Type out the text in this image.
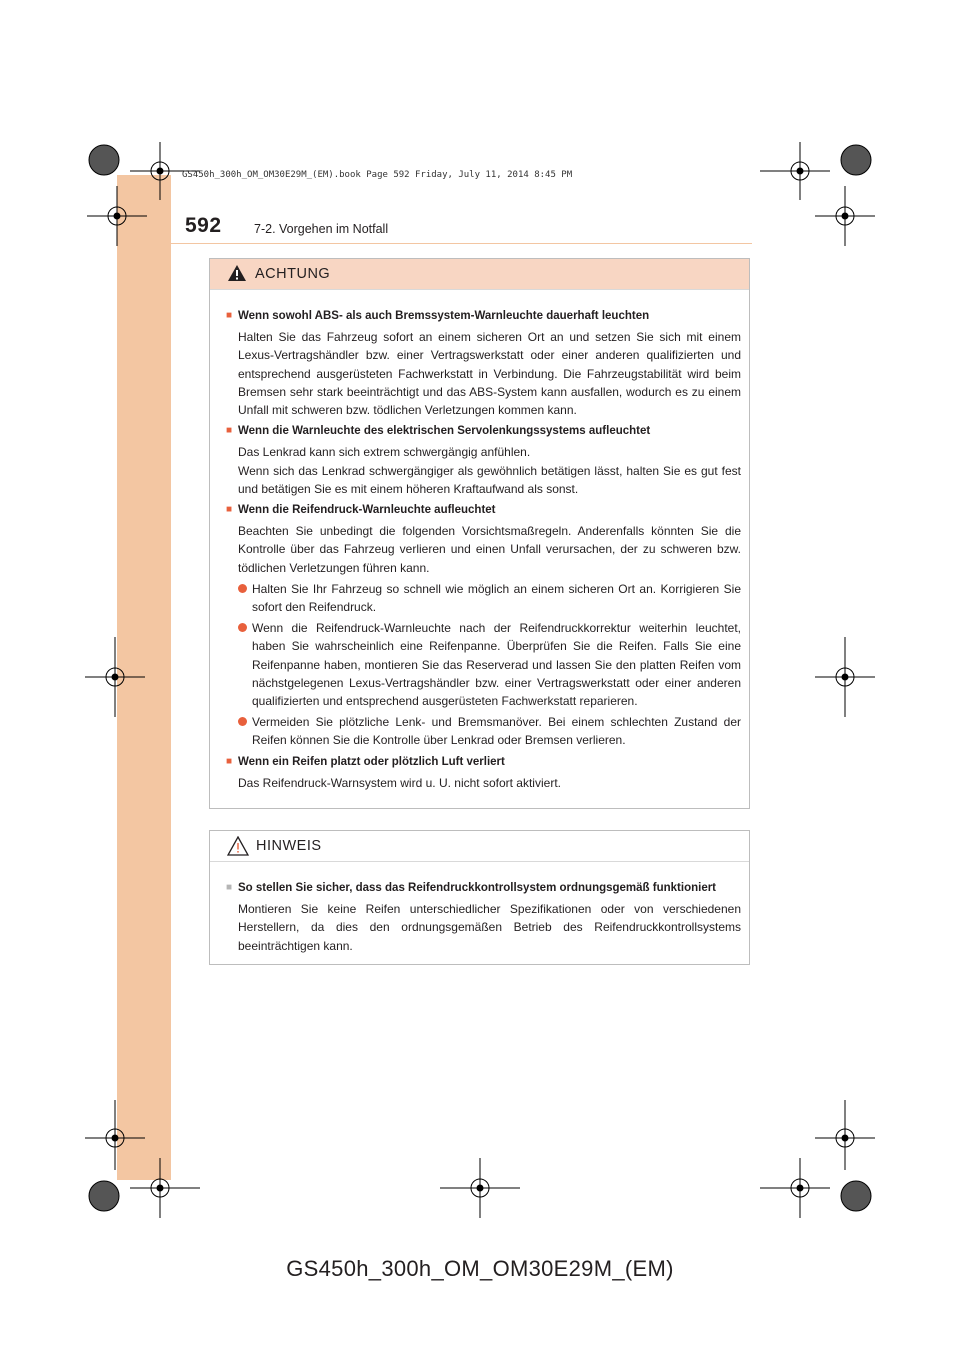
GS450h_300h_OM_OM30E29M_(EM).book Page 592 Friday, July 11, 2014 8:45 PM
592	7-2. Vorgehen im Notfall
ACHTUNG
■ Wenn sowohl ABS- als auch Bremssystem-Warnleuchte dauerhaft leuchten
Halten Sie das Fahrzeug sofort an einem sicheren Ort an und setzen Sie sich mit einem Lexus-Vertragshändler bzw. einer Vertragswerkstatt oder einer anderen qualifizierten und entsprechend ausgerüsteten Fachwerkstatt in Verbindung. Die Fahrzeugstabilität wird beim Bremsen sehr stark beeinträchtigt und das ABS-System kann ausfallen, wodurch es zu einem Unfall mit schweren bzw. tödlichen Verletzungen kommen kann.
■ Wenn die Warnleuchte des elektrischen Servolenkungssystems aufleuchtet
Das Lenkrad kann sich extrem schwergängig anfühlen.
Wenn sich das Lenkrad schwergängiger als gewöhnlich betätigen lässt, halten Sie es gut fest und betätigen Sie es mit einem höheren Kraftaufwand als sonst.
■ Wenn die Reifendruck-Warnleuchte aufleuchtet
Beachten Sie unbedingt die folgenden Vorsichtsmaßregeln. Anderenfalls könnten Sie die Kontrolle über das Fahrzeug verlieren und einen Unfall verursachen, der zu schweren bzw. tödlichen Verletzungen führen kann.
Halten Sie Ihr Fahrzeug so schnell wie möglich an einem sicheren Ort an. Korrigieren Sie sofort den Reifendruck.
Wenn die Reifendruck-Warnleuchte nach der Reifendruckkorrektur weiterhin leuchtet, haben Sie wahrscheinlich eine Reifenpanne. Überprüfen Sie die Reifen. Falls Sie eine Reifenpanne haben, montieren Sie das Reserverad und lassen Sie den platten Reifen vom nächstgelegenen Lexus-Vertragshändler bzw. einer Vertragswerkstatt oder einer anderen qualifizierten und entsprechend ausgerüsteten Fachwerkstatt reparieren.
Vermeiden Sie plötzliche Lenk- und Bremsmanöver. Bei einem schlechten Zustand der Reifen können Sie die Kontrolle über Lenkrad oder Bremsen verlieren.
■ Wenn ein Reifen platzt oder plötzlich Luft verliert
Das Reifendruck-Warnsystem wird u. U. nicht sofort aktiviert.
HINWEIS
■ So stellen Sie sicher, dass das Reifendruckkontrollsystem ordnungsgemäß funktioniert
Montieren Sie keine Reifen unterschiedlicher Spezifikationen oder von verschiedenen Herstellern, da dies den ordnungsgemäßen Betrieb des Reifendruckkontrollsystems beeinträchtigen kann.
GS450h_300h_OM_OM30E29M_(EM)
